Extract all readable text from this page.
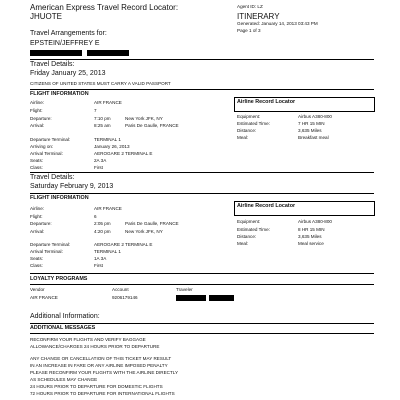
American Express Travel Record Locator:
JHUOTE
Agent ID: LZ
ITINERARY
Generated: January 14, 2013 03:43 PM
Page 1 of 3
Travel Arrangements for:
EPSTEIN/JEFFREY E
Travel Details:
Friday January 25, 2013
CITIZENS OF UNITED STATES MUST CARRY A VALID PASSPORT
FLIGHT INFORMATION
Airline:	AIR FRANCE
Flight:	7
Departure:	7:10 pm	New York JFK, NY
Arrival:	8:25 am	Paris De Gaulle, FRANCE
Departure Terminal:	TERMINAL 1
Arriving on:	January 26, 2013
Arrival Terminal:	AEROGARE 2 TERMINAL E
Seats:	2A 3A
Class:	First
Airline Record Locator
Equipment:	Airbus A380-800
Estimated Time:	7 HR 15 MIN
Distance:	3,635 Miles
Meal:	Breakfast meal
Travel Details:
Saturday February 9, 2013
FLIGHT INFORMATION
Airline:	AIR FRANCE
Flight:	6
Departure:	2:05 pm	Paris De Gaulle, FRANCE
Arrival:	4:20 pm	New York JFK, NY
Departure Terminal:	AEROGARE 2 TERMINAL E
Arrival Terminal:	TERMINAL 1
Seats:	1A 3A
Class:	First
Airline Record Locator
Equipment:	Airbus A380-800
Estimated Time:	8 HR 15 MIN
Distance:	3,635 Miles
Meal:	Meal service
LOYALTY PROGRAMS
Vendor	Account	Traveler
AIR FRANCE	9206179146
Additional Information:
ADDITIONAL MESSAGES
RECONFIRM YOUR FLIGHTS AND VERIFY BAGGAGE
ALLOWANCE/CHARGES 24 HOURS PRIOR TO DEPARTURE
ANY CHANGE OR CANCELLATION OF THIS TICKET MAY RESULT
IN AN INCREASE IN FARE OR ANY AIRLINE IMPOSED PENALTY
PLEASE RECONFIRM YOUR FLIGHTS WITH THE AIRLINE DIRECTLY
AS SCHEDULES MAY CHANGE
24 HOURS PRIOR TO DEPARTURE FOR DOMESTIC FLIGHTS
72 HOURS PRIOR TO DEPARTURE FOR INTERNATIONAL FLIGHTS
